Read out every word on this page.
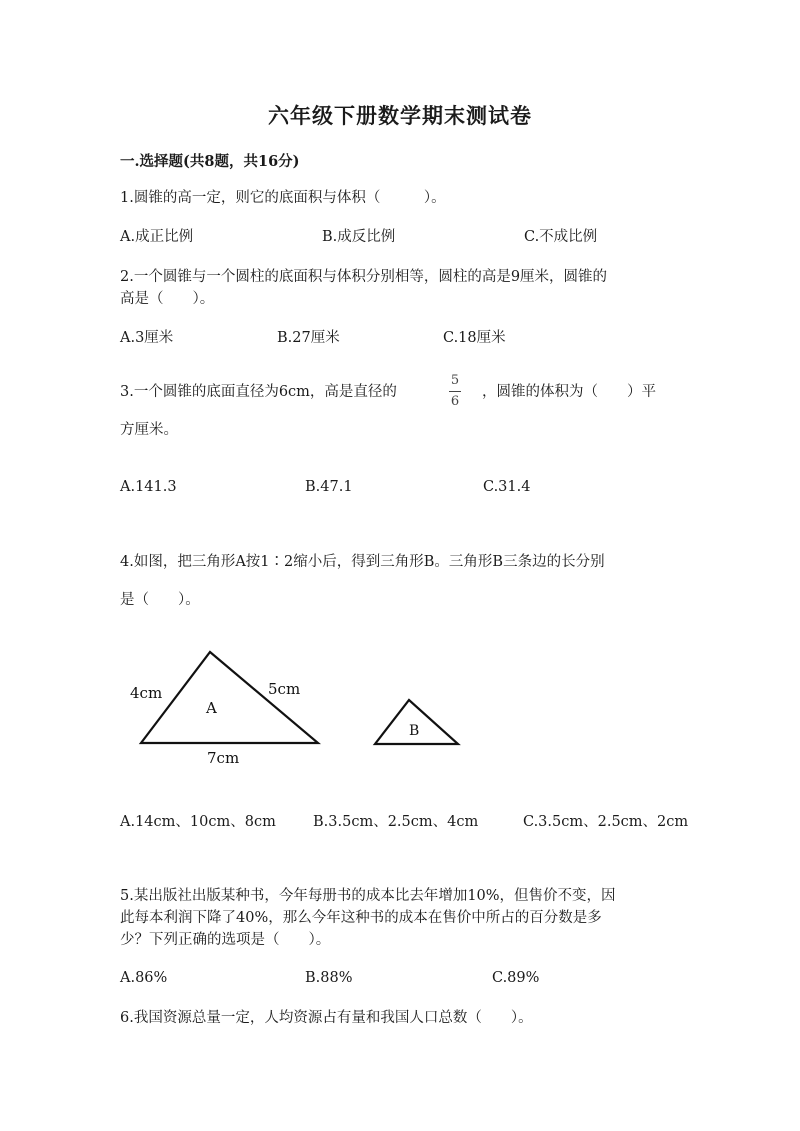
六年级下册数学期末测试卷
一.选择题(共8题，共16分)
1.圆锥的高一定，则它的底面积与体积（　　　）。
A.成正比例	B.成反比例	C.不成比例
2.一个圆锥与一个圆柱的底面积与体积分别相等，圆柱的高是9厘米，圆锥的
高是（　　）。
A.3厘米	B.27厘米	C.18厘米
3.一个圆锥的底面直径为6cm，高是直径的
5
6
，圆锥的体积为（　　）平
方厘米。
A.141.3	B.47.1	C.31.4
4.如图，把三角形A按1∶2缩小后，得到三角形B。三角形B三条边的长分别
是（　　）。
4cm	5cm
7cm
A
B
A.14cm、10cm、8cm	B.3.5cm、2.5cm、4cm	C.3.5cm、2.5cm、2cm
5.某出版社出版某种书，今年每册书的成本比去年增加10%，但售价不变，因
此每本利润下降了40%，那么今年这种书的成本在售价中所占的百分数是多
少？下列正确的选项是（　　）。
A.86%	B.88%	C.89%
6.我国资源总量一定，人均资源占有量和我国人口总数（　　）。
